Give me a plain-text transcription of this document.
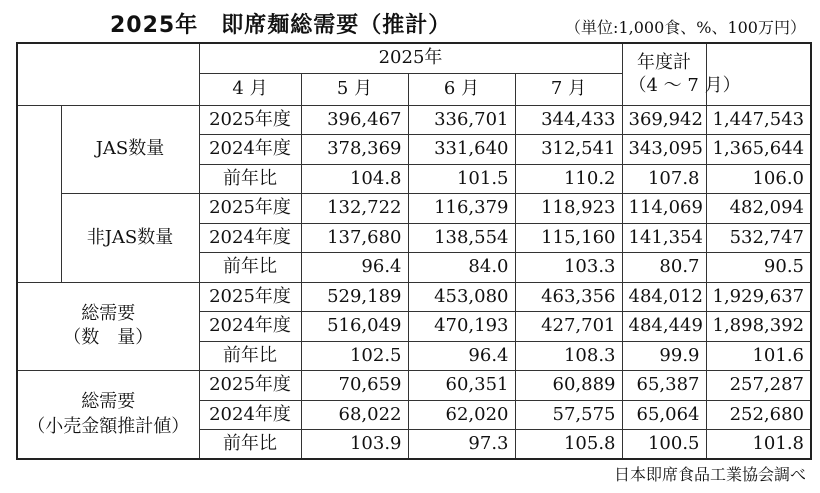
2025年　即席麺総需要（推計）	（単位:1,000食、%、100万円）
		2025年				年度計
（4 ～ 7 月）	

		4 月	5 月	6 月	7 月		

	JAS数量	2025年度	396,467	336,701	344,433	369,942	1,447,543
		2024年度	378,369	331,640	312,541	343,095	1,365,644
		前年比	104.8	101.5	110.2	107.8	106.0

	非JAS数量	2025年度	132,722	116,379	118,923	114,069	482,094
		2024年度	137,680	138,554	115,160	141,354	532,747
		前年比	96.4	84.0	103.3	80.7	90.5

総需要
（数　量）		2025年度	529,189	453,080	463,356	484,012	1,929,637
		2024年度	516,049	470,193	427,701	484,449	1,898,392
		前年比	102.5	96.4	108.3	99.9	101.6

総需要
（小売金額推計値）		2025年度	70,659	60,351	60,889	65,387	257,287
		2024年度	68,022	62,020	57,575	65,064	252,680
		前年比	103.9	97.3	105.8	100.5	101.8
日本即席食品工業協会調べ
